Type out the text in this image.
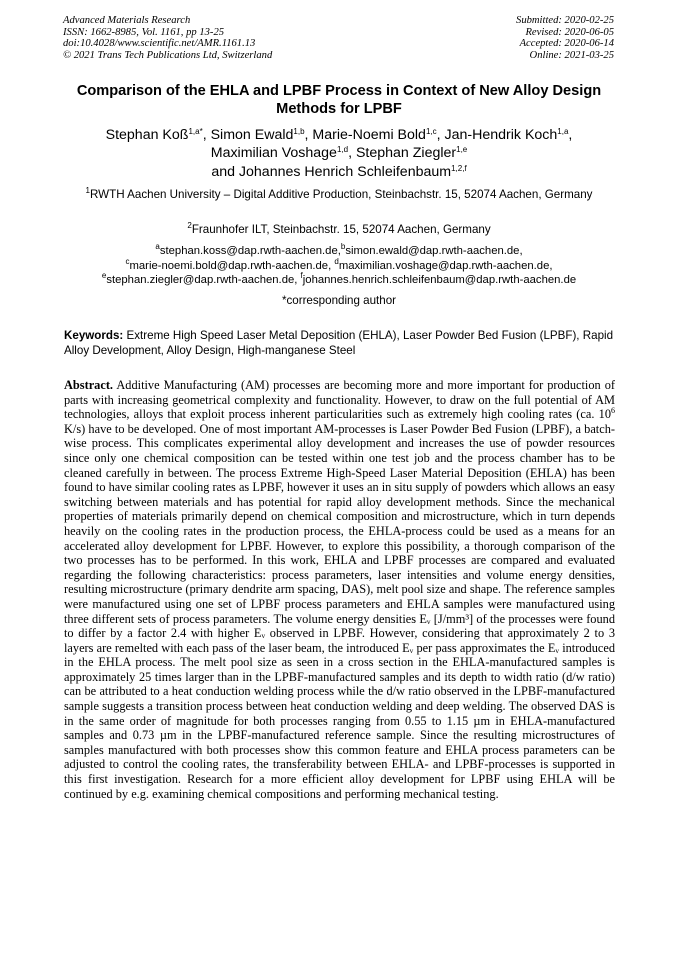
Advanced Materials Research
ISSN: 1662-8985, Vol. 1161, pp 13-25
doi:10.4028/www.scientific.net/AMR.1161.13
© 2021 Trans Tech Publications Ltd, Switzerland
Submitted: 2020-02-25
Revised: 2020-06-05
Accepted: 2020-06-14
Online: 2021-03-25
Comparison of the EHLA and LPBF Process in Context of New Alloy Design Methods for LPBF
Stephan Koß$^{1,a*}$, Simon Ewald$^{1,b}$, Marie-Noemi Bold$^{1,c}$, Jan-Hendrik Koch$^{1,a}$,
Maximilian Voshage$^{1,d}$, Stephan Ziegler$^{1,e}$
and Johannes Henrich Schleifenbaum$^{1,2,f}$
$^1$RWTH Aachen University – Digital Additive Production, Steinbachstr. 15, 52074 Aachen, Germany
$^2$Fraunhofer ILT, Steinbachstr. 15, 52074 Aachen, Germany
$^a$stephan.koss@dap.rwth-aachen.de,$^b$simon.ewald@dap.rwth-aachen.de,
$^c$marie-noemi.bold@dap.rwth-aachen.de, $^d$maximilian.voshage@dap.rwth-aachen.de,
$^e$stephan.ziegler@dap.rwth-aachen.de, $^f$johannes.henrich.schleifenbaum@dap.rwth-aachen.de
*corresponding author
Keywords: Extreme High Speed Laser Metal Deposition (EHLA), Laser Powder Bed Fusion (LPBF), Rapid Alloy Development, Alloy Design, High-manganese Steel

Abstract. Additive Manufacturing (AM) processes are becoming more and more important for production of parts with increasing geometrical complexity and functionality. However, to draw on the full potential of AM technologies, alloys that exploit process inherent particularities such as extremely high cooling rates (ca. $10^6$ K/s) have to be developed. One of most important AM-processes is Laser Powder Bed Fusion (LPBF), a batch-wise process. This complicates experimental alloy development and increases the use of powder resources since only one chemical composition can be tested within one test job and the process chamber has to be cleaned carefully in between. The process Extreme High-Speed Laser Material Deposition (EHLA) has been found to have similar cooling rates as LPBF, however it uses an in situ supply of powders which allows an easy switching between materials and has potential for rapid alloy development methods. Since the mechanical properties of materials primarily depend on chemical composition and microstructure, which in turn depends heavily on the cooling rates in the production process, the EHLA-process could be used as a means for an accelerated alloy development for LPBF. However, to explore this possibility, a thorough comparison of the two processes has to be performed. In this work, EHLA and LPBF processes are compared and evaluated regarding the following characteristics: process parameters, laser intensities and volume energy densities, resulting microstructure (primary dendrite arm spacing, DAS), melt pool size and shape. The reference samples were manufactured using one set of LPBF process parameters and EHLA samples were manufactured using three different sets of process parameters. The volume energy densities Eᵥ [J/mm³] of the processes were found to differ by a factor 2.4 with higher Eᵥ observed in LPBF. However, considering that approximately 2 to 3 layers are remelted with each pass of the laser beam, the introduced Eᵥ per pass approximates the Eᵥ introduced in the EHLA process. The melt pool size as seen in a cross section in the EHLA-manufactured samples is approximately 25 times larger than in the LPBF-manufactured samples and its depth to width ratio (d/w ratio) can be attributed to a heat conduction welding process while the d/w ratio observed in the LPBF-manufactured sample suggests a transition process between heat conduction welding and deep welding. The observed DAS is in the same order of magnitude for both processes ranging from 0.55 to 1.15 µm in EHLA-manufactured samples and 0.73 µm in the LPBF-manufactured reference sample. Since the resulting microstructures of samples manufactured with both processes show this common feature and EHLA process parameters can be adjusted to control the cooling rates, the transferability between EHLA- and LPBF-processes is supported in this first investigation. Research for a more efficient alloy development for LPBF using EHLA will be continued by e.g. examining chemical compositions and performing mechanical testing.
